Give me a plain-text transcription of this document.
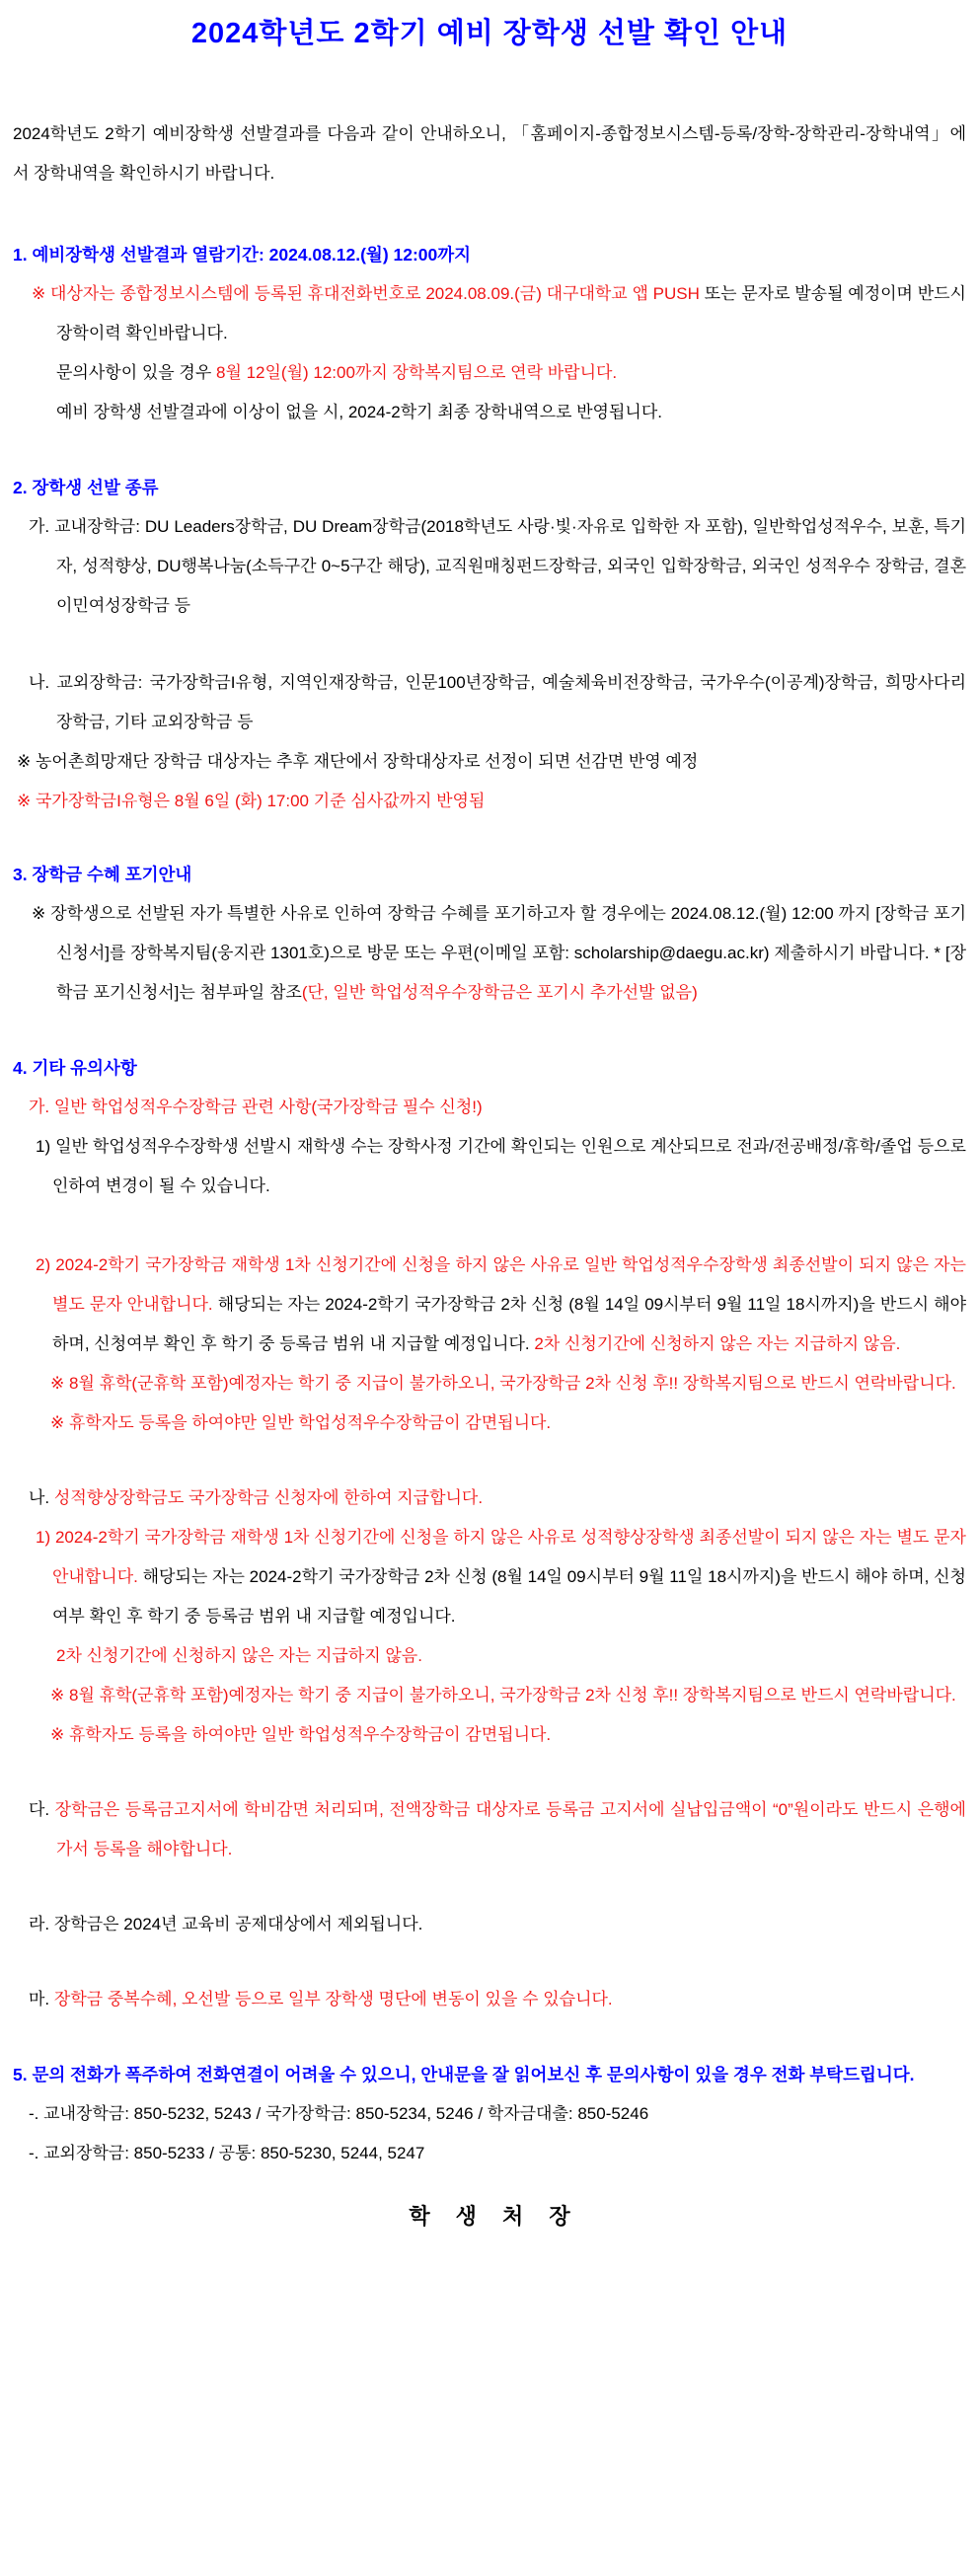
2024학년도 2학기 예비 장학생 선발 확인 안내

2024학년도 2학기 예비장학생 선발결과를 다음과 같이 안내하오니, 「홈페이지-종합정보시스템-등록/장학-장학관리-장학내역」에서 장학내역을 확인하시기 바랍니다.

1. 예비장학생 선발결과 열람기간: 2024.08.12.(월) 12:00까지

※ 대상자는 종합정보시스템에 등록된 휴대전화번호로 2024.08.09.(금) 대구대학교 앱 PUSH 또는 문자로 발송될 예정이며 반드시 장학이력 확인바랍니다.

문의사항이 있을 경우 8월 12일(월) 12:00까지 장학복지팀으로 연락 바랍니다.

예비 장학생 선발결과에 이상이 없을 시, 2024-2학기 최종 장학내역으로 반영됩니다.

2. 장학생 선발 종류

가. 교내장학금: DU Leaders장학금, DU Dream장학금(2018학년도 사랑·빛·자유로 입학한 자 포함), 일반학업성적우수, 보훈, 특기자, 성적향상, DU행복나눔(소득구간 0~5구간 해당), 교직원매칭펀드장학금, 외국인 입학장학금, 외국인 성적우수 장학금, 결혼이민여성장학금 등

나. 교외장학금: 국가장학금I유형, 지역인재장학금, 인문100년장학금, 예술체육비전장학금, 국가우수(이공계)장학금, 희망사다리 장학금, 기타 교외장학금 등

※ 농어촌희망재단 장학금 대상자는 추후 재단에서 장학대상자로 선정이 되면 선감면 반영 예정

※ 국가장학금I유형은 8월 6일 (화) 17:00 기준 심사값까지 반영됨

3. 장학금 수혜 포기안내

※ 장학생으로 선발된 자가 특별한 사유로 인하여 장학금 수혜를 포기하고자 할 경우에는 2024.08.12.(월) 12:00 까지 [장학금 포기신청서]를 장학복지팀(웅지관 1301호)으로 방문 또는 우편(이메일 포함: scholarship@daegu.ac.kr) 제출하시기 바랍니다. * [장학금 포기신청서]는 첨부파일 참조(단, 일반 학업성적우수장학금은 포기시 추가선발 없음)

4. 기타 유의사항

가. 일반 학업성적우수장학금 관련 사항(국가장학금 필수 신청!)

1) 일반 학업성적우수장학생 선발시 재학생 수는 장학사정 기간에 확인되는 인원으로 계산되므로 전과/전공배정/휴학/졸업 등으로 인하여 변경이 될 수 있습니다.

2) 2024-2학기 국가장학금 재학생 1차 신청기간에 신청을 하지 않은 사유로 일반 학업성적우수장학생 최종선발이 되지 않은 자는 별도 문자 안내합니다. 해당되는 자는 2024-2학기 국가장학금 2차 신청 (8월 14일 09시부터 9월 11일 18시까지)을 반드시 해야 하며, 신청여부 확인 후 학기 중 등록금 범위 내 지급할 예정입니다. 2차 신청기간에 신청하지 않은 자는 지급하지 않음.

※ 8월 휴학(군휴학 포함)예정자는 학기 중 지급이 불가하오니, 국가장학금 2차 신청 후!! 장학복지팀으로 반드시 연락바랍니다.

※ 휴학자도 등록을 하여야만 일반 학업성적우수장학금이 감면됩니다.

나. 성적향상장학금도 국가장학금 신청자에 한하여 지급합니다.

1) 2024-2학기 국가장학금 재학생 1차 신청기간에 신청을 하지 않은 사유로 성적향상장학생 최종선발이 되지 않은 자는 별도 문자 안내합니다. 해당되는 자는 2024-2학기 국가장학금 2차 신청 (8월 14일 09시부터 9월 11일 18시까지)을 반드시 해야 하며, 신청여부 확인 후 학기 중 등록금 범위 내 지급할 예정입니다.

2차 신청기간에 신청하지 않은 자는 지급하지 않음.

※ 8월 휴학(군휴학 포함)예정자는 학기 중 지급이 불가하오니, 국가장학금 2차 신청 후!! 장학복지팀으로 반드시 연락바랍니다.

※ 휴학자도 등록을 하여야만 일반 학업성적우수장학금이 감면됩니다.

다. 장학금은 등록금고지서에 학비감면 처리되며, 전액장학금 대상자로 등록금 고지서에 실납입금액이 “0”원이라도 반드시 은행에 가서 등록을 해야합니다.

라. 장학금은 2024년 교육비 공제대상에서 제외됩니다.

마. 장학금 중복수혜, 오선발 등으로 일부 장학생 명단에 변동이 있을 수 있습니다.

5. 문의 전화가 폭주하여 전화연결이 어려울 수 있으니, 안내문을 잘 읽어보신 후 문의사항이 있을 경우 전화 부탁드립니다.

-. 교내장학금: 850-5232, 5243 / 국가장학금: 850-5234, 5246 / 학자금대출: 850-5246

-. 교외장학금: 850-5233 / 공통: 850-5230, 5244, 5247

학 생 처 장
